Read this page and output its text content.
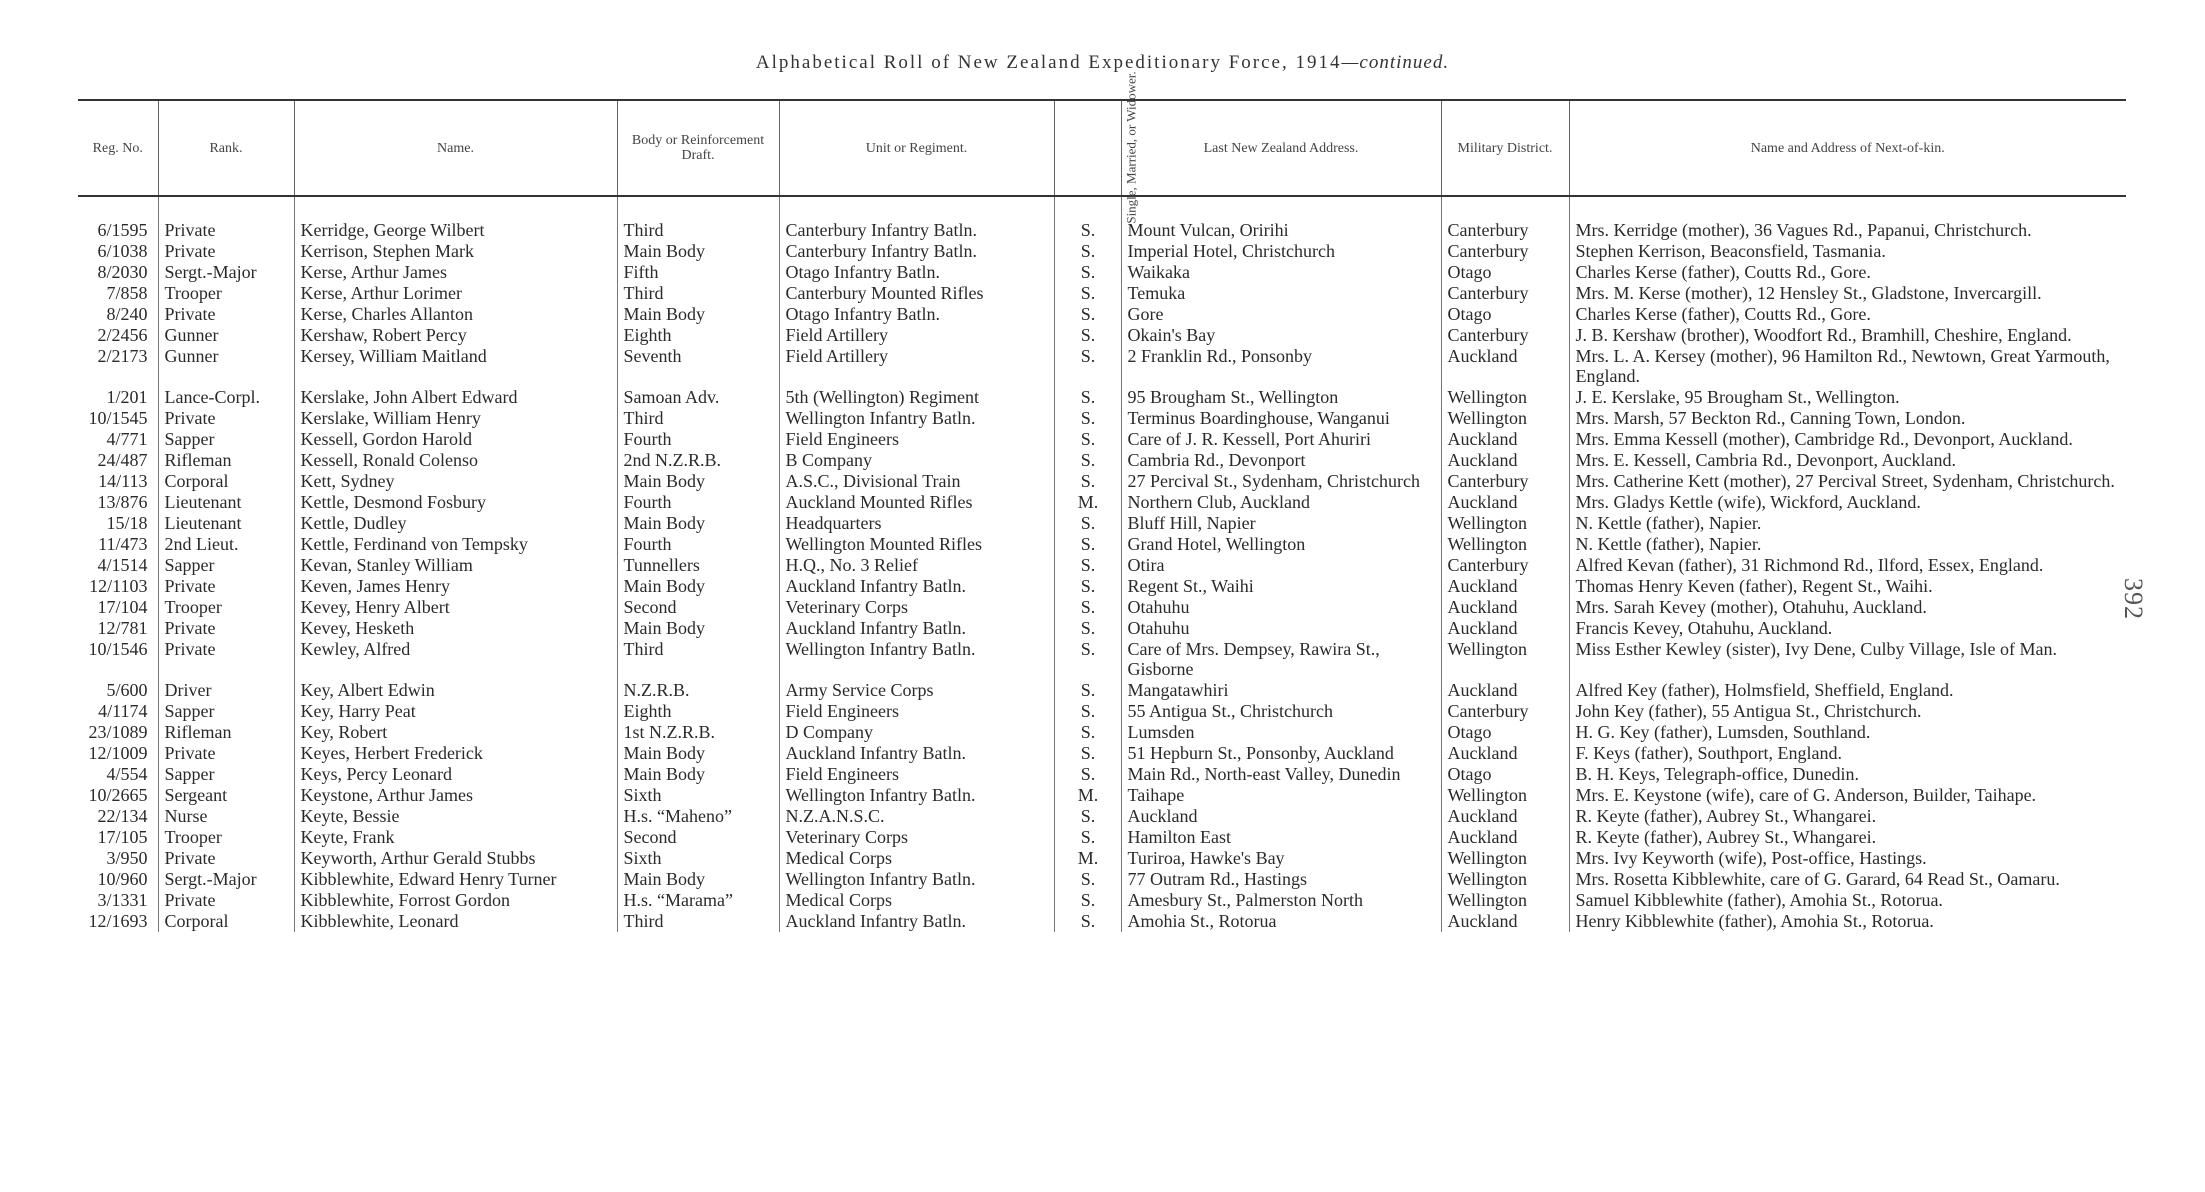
Alphabetical Roll of New Zealand Expeditionary Force, 1914—continued.
392
Reg. No.	Rank.	Name.	Body or Reinforcement Draft.	Unit or Regiment.	Single, Married, or Widower.	Last New Zealand Address.	Military District.	Name and Address of Next-of-kin.

6/1595	Private	Kerridge, George Wilbert	Third	Canterbury Infantry Batln.	S.	Mount Vulcan, Oririhi	Canterbury	Mrs. Kerridge (mother), 36 Vagues Rd., Papanui, Christchurch.
6/1038	Private	Kerrison, Stephen Mark	Main Body	Canterbury Infantry Batln.	S.	Imperial Hotel, Christchurch	Canterbury	Stephen Kerrison, Beaconsfield, Tasmania.
8/2030	Sergt.-Major	Kerse, Arthur James	Fifth	Otago Infantry Batln.	S.	Waikaka	Otago	Charles Kerse (father), Coutts Rd., Gore.
7/858	Trooper	Kerse, Arthur Lorimer	Third	Canterbury Mounted Rifles	S.	Temuka	Canterbury	Mrs. M. Kerse (mother), 12 Hensley St., Gladstone, Invercargill.
8/240	Private	Kerse, Charles Allanton	Main Body	Otago Infantry Batln.	S.	Gore	Otago	Charles Kerse (father), Coutts Rd., Gore.
2/2456	Gunner	Kershaw, Robert Percy	Eighth	Field Artillery	S.	Okain's Bay	Canterbury	J. B. Kershaw (brother), Woodfort Rd., Bramhill, Cheshire, England.
2/2173	Gunner	Kersey, William Maitland	Seventh	Field Artillery	S.	2 Franklin Rd., Ponsonby	Auckland	Mrs. L. A. Kersey (mother), 96 Hamilton Rd., Newtown, Great Yarmouth, England.
1/201	Lance-Corpl.	Kerslake, John Albert Edward	Samoan Adv.	5th (Wellington) Regiment	S.	95 Brougham St., Wellington	Wellington	J. E. Kerslake, 95 Brougham St., Wellington.
10/1545	Private	Kerslake, William Henry	Third	Wellington Infantry Batln.	S.	Terminus Boardinghouse, Wanganui	Wellington	Mrs. Marsh, 57 Beckton Rd., Canning Town, London.
4/771	Sapper	Kessell, Gordon Harold	Fourth	Field Engineers	S.	Care of J. R. Kessell, Port Ahuriri	Auckland	Mrs. Emma Kessell (mother), Cambridge Rd., Devonport, Auckland.
24/487	Rifleman	Kessell, Ronald Colenso	2nd N.Z.R.B.	B Company	S.	Cambria Rd., Devonport	Auckland	Mrs. E. Kessell, Cambria Rd., Devonport, Auckland.
14/113	Corporal	Kett, Sydney	Main Body	A.S.C., Divisional Train	S.	27 Percival St., Sydenham, Christchurch	Canterbury	Mrs. Catherine Kett (mother), 27 Percival Street, Sydenham, Christchurch.
13/876	Lieutenant	Kettle, Desmond Fosbury	Fourth	Auckland Mounted Rifles	M.	Northern Club, Auckland	Auckland	Mrs. Gladys Kettle (wife), Wickford, Auckland.
15/18	Lieutenant	Kettle, Dudley	Main Body	Headquarters	S.	Bluff Hill, Napier	Wellington	N. Kettle (father), Napier.
11/473	2nd Lieut.	Kettle, Ferdinand von Tempsky	Fourth	Wellington Mounted Rifles	S.	Grand Hotel, Wellington	Wellington	N. Kettle (father), Napier.
4/1514	Sapper	Kevan, Stanley William	Tunnellers	H.Q., No. 3 Relief	S.	Otira	Canterbury	Alfred Kevan (father), 31 Richmond Rd., Ilford, Essex, England.
12/1103	Private	Keven, James Henry	Main Body	Auckland Infantry Batln.	S.	Regent St., Waihi	Auckland	Thomas Henry Keven (father), Regent St., Waihi.
17/104	Trooper	Kevey, Henry Albert	Second	Veterinary Corps	S.	Otahuhu	Auckland	Mrs. Sarah Kevey (mother), Otahuhu, Auckland.
12/781	Private	Kevey, Hesketh	Main Body	Auckland Infantry Batln.	S.	Otahuhu	Auckland	Francis Kevey, Otahuhu, Auckland.
10/1546	Private	Kewley, Alfred	Third	Wellington Infantry Batln.	S.	Care of Mrs. Dempsey, Rawira St., Gisborne	Wellington	Miss Esther Kewley (sister), Ivy Dene, Culby Village, Isle of Man.
5/600	Driver	Key, Albert Edwin	N.Z.R.B.	Army Service Corps	S.	Mangatawhiri	Auckland	Alfred Key (father), Holmsfield, Sheffield, England.
4/1174	Sapper	Key, Harry Peat	Eighth	Field Engineers	S.	55 Antigua St., Christchurch	Canterbury	John Key (father), 55 Antigua St., Christchurch.
23/1089	Rifleman	Key, Robert	1st N.Z.R.B.	D Company	S.	Lumsden	Otago	H. G. Key (father), Lumsden, Southland.
12/1009	Private	Keyes, Herbert Frederick	Main Body	Auckland Infantry Batln.	S.	51 Hepburn St., Ponsonby, Auckland	Auckland	F. Keys (father), Southport, England.
4/554	Sapper	Keys, Percy Leonard	Main Body	Field Engineers	S.	Main Rd., North-east Valley, Dunedin	Otago	B. H. Keys, Telegraph-office, Dunedin.
10/2665	Sergeant	Keystone, Arthur James	Sixth	Wellington Infantry Batln.	M.	Taihape	Wellington	Mrs. E. Keystone (wife), care of G. Anderson, Builder, Taihape.
22/134	Nurse	Keyte, Bessie	H.s. “Maheno”	N.Z.A.N.S.C.	S.	Auckland	Auckland	R. Keyte (father), Aubrey St., Whangarei.
17/105	Trooper	Keyte, Frank	Second	Veterinary Corps	S.	Hamilton East	Auckland	R. Keyte (father), Aubrey St., Whangarei.
3/950	Private	Keyworth, Arthur Gerald Stubbs	Sixth	Medical Corps	M.	Turiroa, Hawke's Bay	Wellington	Mrs. Ivy Keyworth (wife), Post-office, Hastings.
10/960	Sergt.-Major	Kibblewhite, Edward Henry Turner	Main Body	Wellington Infantry Batln.	S.	77 Outram Rd., Hastings	Wellington	Mrs. Rosetta Kibblewhite, care of G. Garard, 64 Read St., Oamaru.
3/1331	Private	Kibblewhite, Forrost Gordon	H.s. “Marama”	Medical Corps	S.	Amesbury St., Palmerston North	Wellington	Samuel Kibblewhite (father), Amohia St., Rotorua.
12/1693	Corporal	Kibblewhite, Leonard	Third	Auckland Infantry Batln.	S.	Amohia St., Rotorua	Auckland	Henry Kibblewhite (father), Amohia St., Rotorua.
